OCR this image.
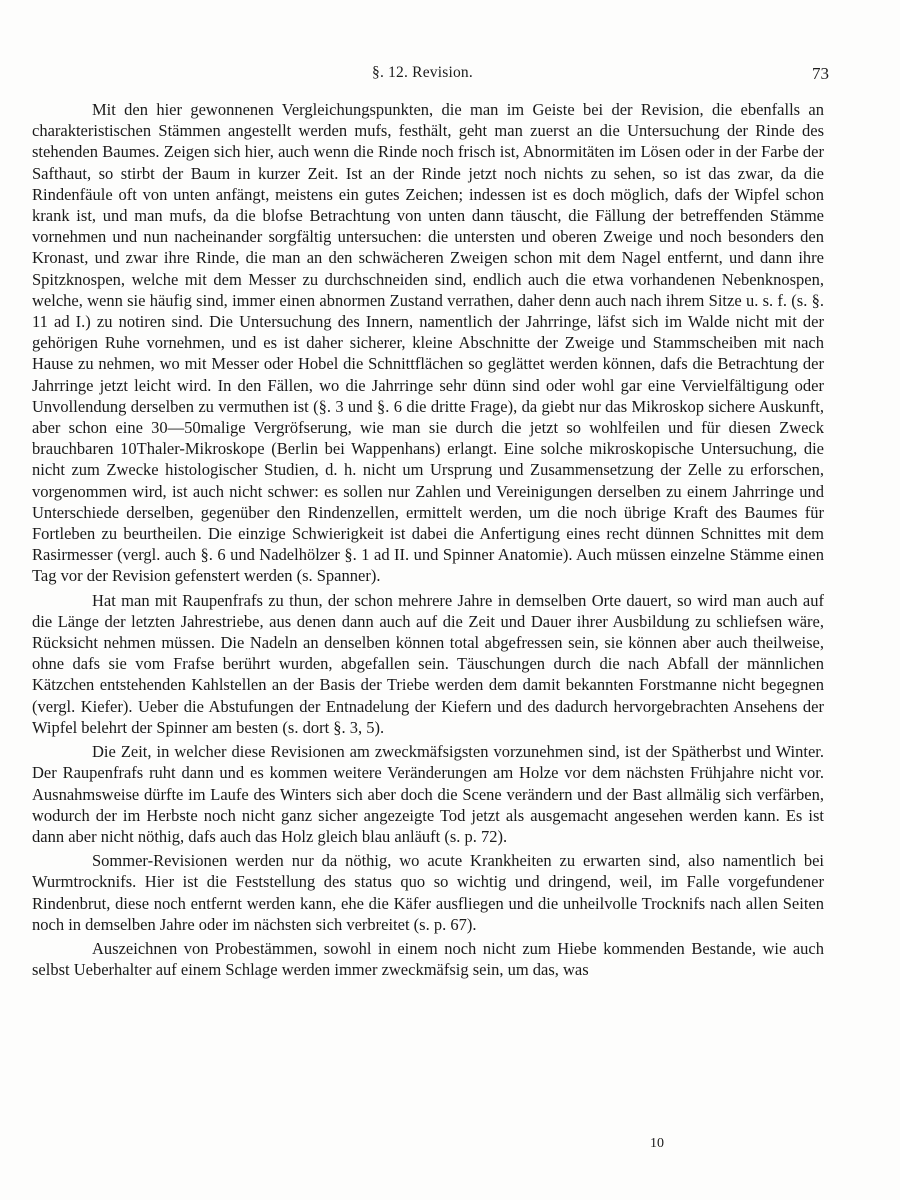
§. 12. Revision.	73

Mit den hier gewonnenen Vergleichungspunkten, die man im Geiste bei der Revision, die ebenfalls an charakteristischen Stämmen angestellt werden mufs, festhält, geht man zuerst an die Untersuchung der Rinde des stehenden Baumes. Zeigen sich hier, auch wenn die Rinde noch frisch ist, Abnormitäten im Lösen oder in der Farbe der Safthaut, so stirbt der Baum in kurzer Zeit. Ist an der Rinde jetzt noch nichts zu sehen, so ist das zwar, da die Rindenfäule oft von unten anfängt, meistens ein gutes Zeichen; indessen ist es doch möglich, dafs der Wipfel schon krank ist, und man mufs, da die blofse Betrachtung von unten dann täuscht, die Fällung der betreffenden Stämme vornehmen und nun nacheinander sorgfältig untersuchen: die untersten und oberen Zweige und noch besonders den Kronast, und zwar ihre Rinde, die man an den schwächeren Zweigen schon mit dem Nagel entfernt, und dann ihre Spitzknospen, welche mit dem Messer zu durchschneiden sind, endlich auch die etwa vorhandenen Nebenknospen, welche, wenn sie häufig sind, immer einen abnormen Zustand verrathen, daher denn auch nach ihrem Sitze u. s. f. (s. §. 11 ad I.) zu notiren sind. Die Untersuchung des Innern, namentlich der Jahrringe, läfst sich im Walde nicht mit der gehörigen Ruhe vornehmen, und es ist daher sicherer, kleine Abschnitte der Zweige und Stammscheiben mit nach Hause zu nehmen, wo mit Messer oder Hobel die Schnittflächen so geglättet werden können, dafs die Betrachtung der Jahrringe jetzt leicht wird. In den Fällen, wo die Jahrringe sehr dünn sind oder wohl gar eine Vervielfältigung oder Unvollendung derselben zu vermuthen ist (§. 3 und §. 6 die dritte Frage), da giebt nur das Mikroskop sichere Auskunft, aber schon eine 30—50malige Vergröfserung, wie man sie durch die jetzt so wohlfeilen und für diesen Zweck brauchbaren 10Thaler-Mikroskope (Berlin bei Wappenhans) erlangt. Eine solche mikroskopische Untersuchung, die nicht zum Zwecke histologischer Studien, d. h. nicht um Ursprung und Zusammensetzung der Zelle zu erforschen, vorgenommen wird, ist auch nicht schwer: es sollen nur Zahlen und Vereinigungen derselben zu einem Jahrringe und Unterschiede derselben, gegenüber den Rindenzellen, ermittelt werden, um die noch übrige Kraft des Baumes für Fortleben zu beurtheilen. Die einzige Schwierigkeit ist dabei die Anfertigung eines recht dünnen Schnittes mit dem Rasirmesser (vergl. auch §. 6 und Nadelhölzer §. 1 ad II. und Spinner Anatomie). Auch müssen einzelne Stämme einen Tag vor der Revision gefenstert werden (s. Spanner).

Hat man mit Raupenfrafs zu thun, der schon mehrere Jahre in demselben Orte dauert, so wird man auch auf die Länge der letzten Jahrestriebe, aus denen dann auch auf die Zeit und Dauer ihrer Ausbildung zu schliefsen wäre, Rücksicht nehmen müssen. Die Nadeln an denselben können total abgefressen sein, sie können aber auch theilweise, ohne dafs sie vom Frafse berührt wurden, abgefallen sein. Täuschungen durch die nach Abfall der männlichen Kätzchen entstehenden Kahlstellen an der Basis der Triebe werden dem damit bekannten Forstmanne nicht begegnen (vergl. Kiefer). Ueber die Abstufungen der Entnadelung der Kiefern und des dadurch hervorgebrachten Ansehens der Wipfel belehrt der Spinner am besten (s. dort §. 3, 5).

Die Zeit, in welcher diese Revisionen am zweckmäfsigsten vorzunehmen sind, ist der Spätherbst und Winter. Der Raupenfrafs ruht dann und es kommen weitere Veränderungen am Holze vor dem nächsten Frühjahre nicht vor. Ausnahmsweise dürfte im Laufe des Winters sich aber doch die Scene verändern und der Bast allmälig sich verfärben, wodurch der im Herbste noch nicht ganz sicher angezeigte Tod jetzt als ausgemacht angesehen werden kann. Es ist dann aber nicht nöthig, dafs auch das Holz gleich blau anläuft (s. p. 72).

Sommer-Revisionen werden nur da nöthig, wo acute Krankheiten zu erwarten sind, also namentlich bei Wurmtrocknifs. Hier ist die Feststellung des status quo so wichtig und dringend, weil, im Falle vorgefundener Rindenbrut, diese noch entfernt werden kann, ehe die Käfer ausfliegen und die unheilvolle Trocknifs nach allen Seiten noch in demselben Jahre oder im nächsten sich verbreitet (s. p. 67).

Auszeichnen von Probestämmen, sowohl in einem noch nicht zum Hiebe kommenden Bestande, wie auch selbst Ueberhalter auf einem Schlage werden immer zweckmäfsig sein, um das, was

10
